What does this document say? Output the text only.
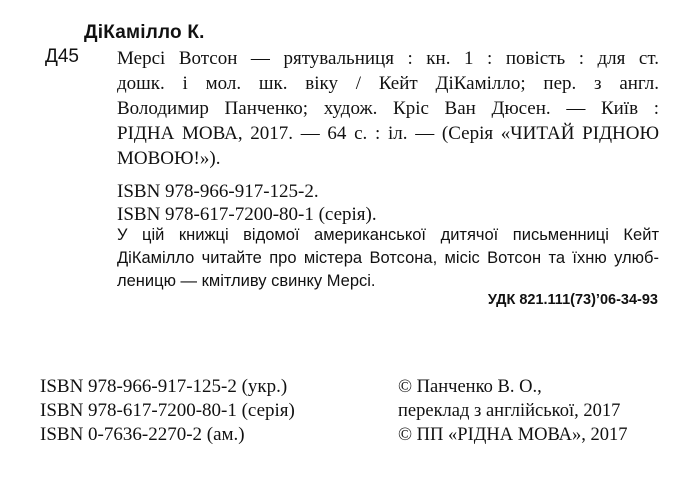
ДіКамілло К.
Д45 Мерсі Вотсон — рятувальниця : кн. 1 : повість : для ст.
дошк. і мол. шк. віку / Кейт ДіКамілло; пер. з англ.
Володимир Панченко; худож. Кріс Ван Дюсен. — Київ :
РІДНА МОВА, 2017. — 64 с. : іл. — (Серія «ЧИТАЙ РІДНОЮ
МОВОЮ!»).
ISBN 978-966-917-125-2.
ISBN 978-617-7200-80-1 (серія).
У цій книжці відомої американської дитячої письменниці Кейт
ДіКамілло читайте про містера Вотсона, місіс Вотсон та їхню улюб-
леницю — кмітливу свинку Мерсі.
УДК 821.111(73)’06-34-93
ISBN 978-966-917-125-2 (укр.)
ISBN 978-617-7200-80-1 (серія)
ISBN 0-7636-2270-2 (ам.)
© Панченко В. О.,
переклад з англійської, 2017
© ПП «РІДНА МОВА», 2017
